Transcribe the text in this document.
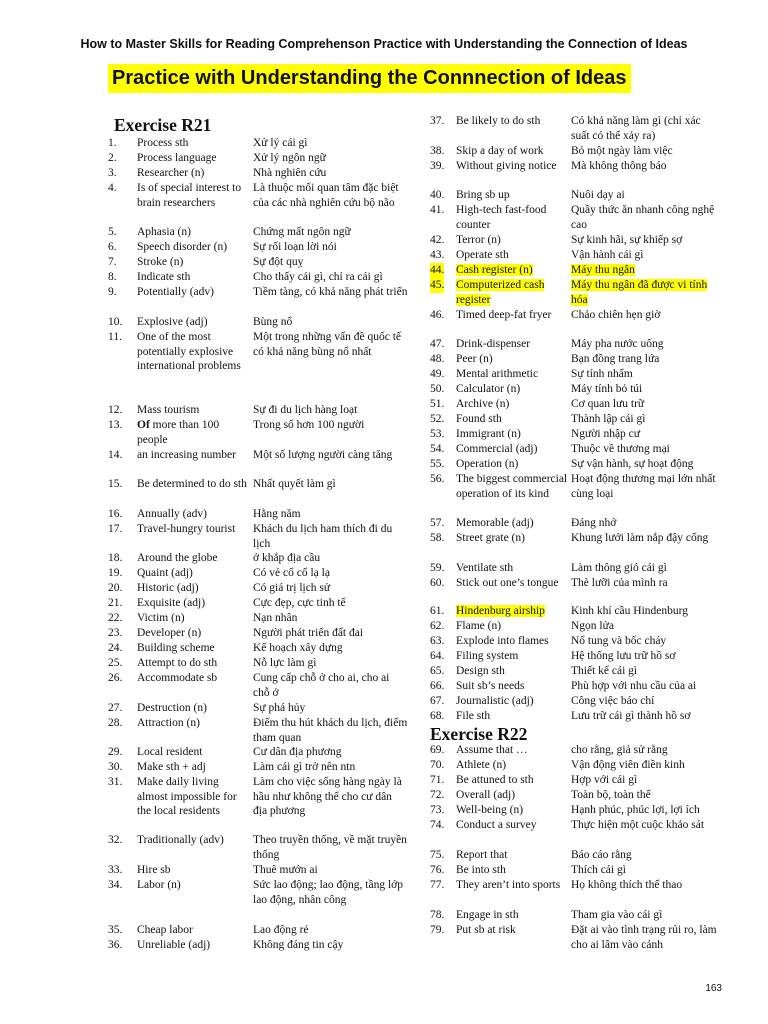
How to Master Skills for Reading Comprehenson Practice with Understanding the Connection of Ideas
Practice with Understanding the Connnection of Ideas
Exercise R21
1. Process sth	Xử lý cái gì
2. Process language	Xử lý ngôn ngữ
3. Researcher (n)	Nhà nghiên cứu
4. Is of special interest to brain researchers
Là thuộc mối quan tâm đặc biệt của các nhà nghiên cứu bộ não
5. Aphasia (n)	Chứng mất ngôn ngữ
6. Speech disorder (n)	Sự rối loạn lời nói
7. Stroke (n)	Sự đột quỵ
8. Indicate sth	Cho thấy cái gì, chỉ ra cái gì
9. Potentially (adv)	Tiềm tàng, có khả năng phát triển
10. Explosive (adj)	Bùng nổ
11. One of the most potentially explosive international problems
Một trong những vấn đề quốc tế có khả năng bùng nổ nhất
12. Mass tourism	Sự đi du lịch hàng loạt
13. Of more than 100 people
Trong số hơn 100 người
14. an increasing number	Một số lượng người càng tăng
15. Be determined to do sth Nhất quyết làm gì
16. Annually (adv)	Hằng năm
17. Travel-hungry tourist	Khách du lịch ham thích đi du lịch
18. Around the globe	ở khắp địa cầu
19. Quaint (adj)	Có vẻ cổ cổ lạ lạ
20. Historic (adj)	Có giá trị lịch sử
21. Exquisite (adj)	Cực đẹp, cực tinh tế
22. Victim (n)	Nạn nhân
23. Developer (n)	Người phát triển đất đai
24. Building scheme	Kế hoạch xây dựng
25. Attempt to do sth	Nỗ lực làm gì
26. Accommodate sb	Cung cấp chỗ ở cho ai, cho ai chỗ ở
27. Destruction (n)	Sự phá hủy
28. Attraction (n)	Điểm thu hút khách du lịch, điểm tham quan
29. Local resident	Cư dân địa phương
30. Make sth + adj	Làm cái gì trở nên ntn
31. Make daily living almost impossible for the local residents
Làm cho việc sống hàng ngày là hầu như không thể cho cư dân địa phương
32. Traditionally (adv)	Theo truyền thống, về mặt truyền thống
33. Hire sb	Thuê mướn ai
34. Labor (n)	Sức lao động; lao động, tầng lớp lao động, nhân công
35. Cheap labor	Lao động rẻ
36. Unreliable (adj)	Không đáng tin cậy
Exercise R22
37. Be likely to do sth	Có khả năng làm gì (chỉ xác suất có thể xảy ra)
38. Skip a day of work	Bỏ một ngày làm việc
39. Without giving notice	Mà không thông báo
40. Bring sb up	Nuôi dạy ai
41. High-tech fast-food counter
Quầy thức ăn nhanh công nghệ cao
42. Terror (n)	Sự kinh hãi, sự khiếp sợ
43. Operate sth	Vận hành cái gì
44. Cash register (n)	Máy thu ngân
45. Computerized cash register
Máy thu ngân đã được vi tính hóa
46. Timed deep-fat fryer	Chảo chiên hẹn giờ
47. Drink-dispenser	Máy pha nước uống
48. Peer (n)	Bạn đồng trang lứa
49. Mental arithmetic	Sự tính nhẩm
50. Calculator (n)	Máy tính bỏ túi
51. Archive (n)	Cơ quan lưu trữ
52. Found sth	Thành lập cái gì
53. Immigrant (n)	Người nhập cư
54. Commercial (adj)	Thuộc về thương mại
55. Operation (n)	Sự vận hành, sự hoạt động
56. The biggest commercial operation of its kind
Hoạt động thương mại lớn nhất cùng loại
57. Memorable (adj)	Đáng nhớ
58. Street grate (n)	Khung lưới làm nắp đậy cống
59. Ventilate sth	Làm thông gió cái gì
60. Stick out one’s tongue	Thè lưỡi của mình ra
61. Hindenburg airship	Kinh khí cầu Hindenburg
62. Flame (n)	Ngọn lửa
63. Explode into flames	Nổ tung và bốc cháy
64. Filing system	Hệ thống lưu trữ hồ sơ
65. Design sth	Thiết kế cái gì
66. Suit sb’s needs	Phù hợp với nhu cầu của ai
67. Journalistic (adj)	Công việc báo chí
68. File sth	Lưu trữ cái gì thành hồ sơ
69. Assume that …	cho rằng, giả sử rằng
70. Athlete (n)	Vận động viên điền kinh
71. Be attuned to sth	Hợp với cái gì
72. Overall (adj)	Toàn bộ, toàn thể
73. Well-being (n)	Hạnh phúc, phúc lợi, lợi ích
74. Conduct a survey	Thực hiện một cuộc khảo sát
75. Report that	Báo cáo rằng
76. Be into sth	Thích cái gì
77. They aren’t into sports Họ không thích thể thao
78. Engage in sth	Tham gia vào cái gì
79. Put sb at risk	Đặt ai vào tình trạng rủi ro, làm cho ai lâm vào cảnh
163
